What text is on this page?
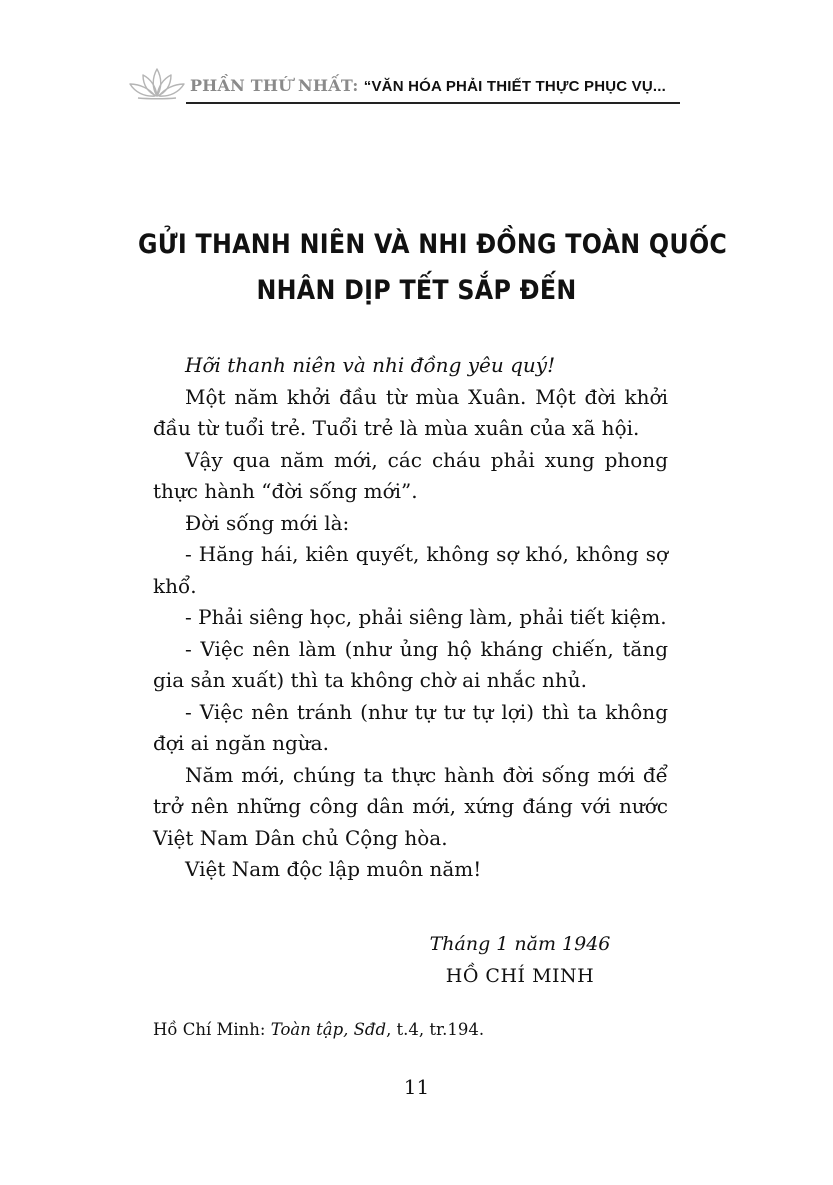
PHẦN THỨ NHẤT: “VĂN HÓA PHẢI THIẾT THỰC PHỤC VỤ...
GỬI THANH NIÊN VÀ NHI ĐỒNG TOÀN QUỐC
NHÂN DỊP TẾT SẮP ĐẾN

Hỡi thanh niên và nhi đồng yêu quý!

Một năm khởi đầu từ mùa Xuân. Một đời khởi đầu từ tuổi trẻ. Tuổi trẻ là mùa xuân của xã hội.

Vậy qua năm mới, các cháu phải xung phong thực hành “đời sống mới”.

Đời sống mới là:

- Hăng hái, kiên quyết, không sợ khó, không sợ khổ.

- Phải siêng học, phải siêng làm, phải tiết kiệm.

- Việc nên làm (như ủng hộ kháng chiến, tăng gia sản xuất) thì ta không chờ ai nhắc nhủ.

- Việc nên tránh (như tự tư tự lợi) thì ta không đợi ai ngăn ngừa.

Năm mới, chúng ta thực hành đời sống mới để trở nên những công dân mới, xứng đáng với nước Việt Nam Dân chủ Cộng hòa.

Việt Nam độc lập muôn năm!

Tháng 1 năm 1946
HỒ CHÍ MINH
Hồ Chí Minh: Toàn tập, Sđd, t.4, tr.194.
11
